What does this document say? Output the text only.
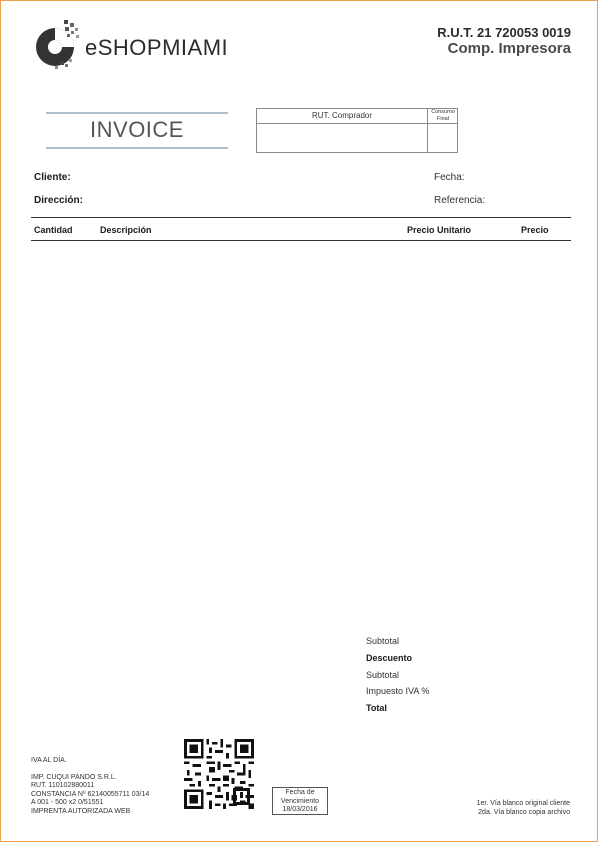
eSHOPMIAMI
R.U.T. 21 720053 0019
Comp. Impresora
INVOICE
RUT. Comprador	Consumo
Final
Cliente:
Dirección:
Fecha:
Referencia:
Cantidad	Descripción	Precio Unitario	Precio
Subtotal
Descuento
Subtotal
Impuesto IVA %
Total
IVA AL DÍA.
IMP. CUQUI PANDO S.R.L.
RUT. 110102880011
CONSTANCIA Nº 62140055711 03/14
A 001 - 500 x2 0/51551
IMPRENTA AUTORIZADA WEB
Fecha de
Vencimiento
18/03/2016
1er. Vía blanco original cliente
2da. Vía blanco copia archivo
